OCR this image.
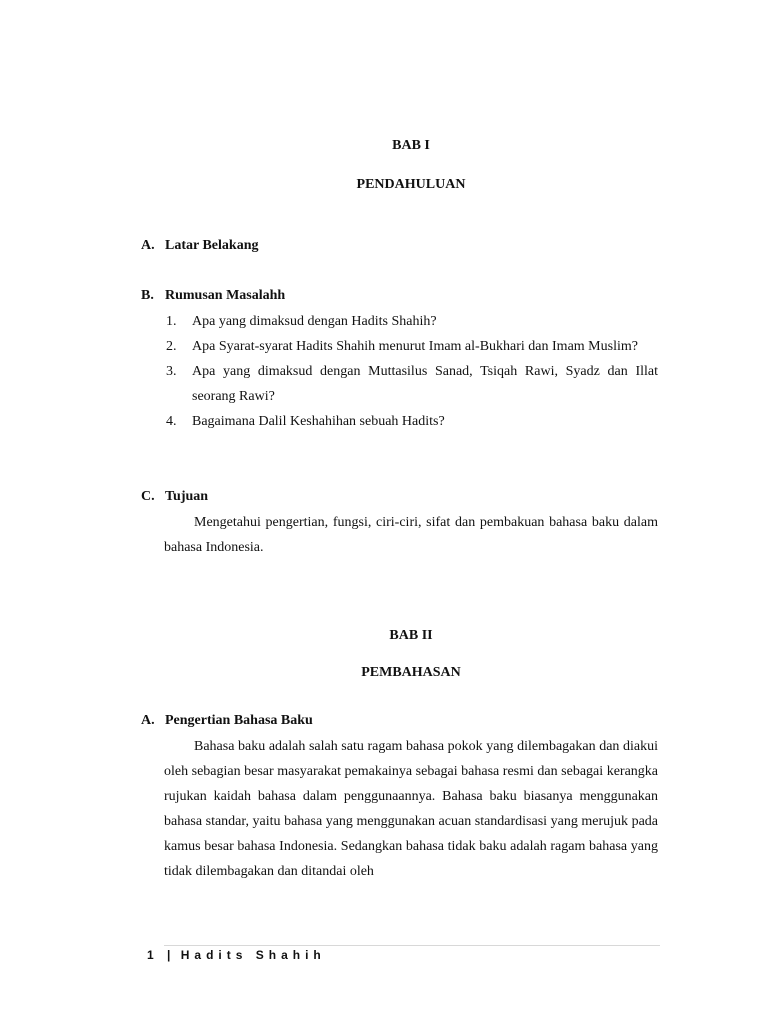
BAB I
PENDAHULUAN
A. Latar Belakang
B. Rumusan Masalahh
1.	Apa yang dimaksud dengan Hadits Shahih?
2.	Apa Syarat-syarat Hadits Shahih menurut Imam al-Bukhari dan Imam Muslim?
3.	Apa yang dimaksud dengan Muttasilus Sanad, Tsiqah Rawi, Syadz dan Illat seorang Rawi?
4.	Bagaimana Dalil Keshahihan sebuah Hadits?
C. Tujuan
Mengetahui pengertian, fungsi, ciri-ciri, sifat dan pembakuan bahasa baku dalam bahasa Indonesia.
BAB II
PEMBAHASAN
A. Pengertian Bahasa Baku
Bahasa baku adalah salah satu ragam bahasa pokok yang dilembagakan dan diakui oleh sebagian besar masyarakat pemakainya sebagai bahasa resmi dan sebagai kerangka rujukan kaidah bahasa dalam penggunaannya. Bahasa baku biasanya menggunakan bahasa standar, yaitu bahasa yang menggunakan acuan standardisasi yang merujuk pada kamus besar bahasa Indonesia. Sedangkan bahasa tidak baku adalah ragam bahasa yang tidak dilembagakan dan ditandai oleh
1 | Hadits Shahih
